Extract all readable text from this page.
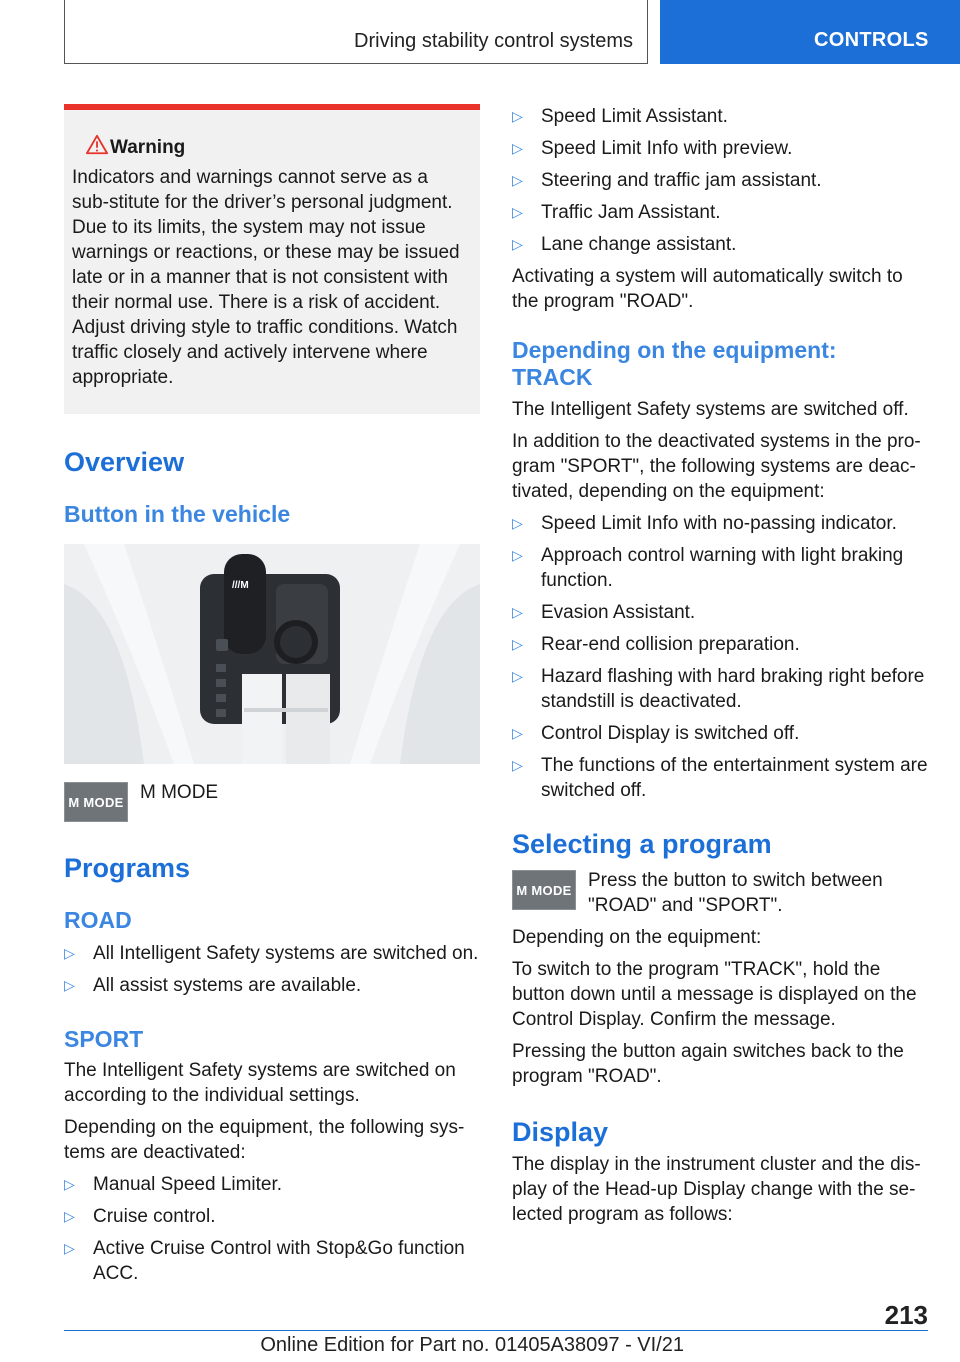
Driving stability control systems	CONTROLS

Warning

Indicators and warnings cannot serve as a sub-stitute for the driver’s personal judgment. Due to its limits, the system may not issue warnings or reactions, or these may be issued late or in a manner that is not consistent with their normal use. There is a risk of accident. Adjust driving style to traffic conditions. Watch traffic closely and actively intervene where appropriate.
Overview
Button in the vehicle
///M
M MODE M MODE
Programs
ROAD
▷ All Intelligent Safety systems are switched on.
▷ All assist systems are available.
SPORT

The Intelligent Safety systems are switched on according to the individual settings.

Depending on the equipment, the following sys-tems are deactivated:

▷ Manual Speed Limiter.
▷ Cruise control.
▷ Active Cruise Control with Stop&Go function ACC.
▷ Speed Limit Assistant.
▷ Speed Limit Info with preview.
▷ Steering and traffic jam assistant.
▷ Traffic Jam Assistant.
▷ Lane change assistant.

Activating a system will automatically switch to the program "ROAD".

Depending on the equipment:
TRACK

The Intelligent Safety systems are switched off.

In addition to the deactivated systems in the pro-gram "SPORT", the following systems are deac-tivated, depending on the equipment:

▷ Speed Limit Info with no-passing indicator.
▷ Approach control warning with light braking function.
▷ Evasion Assistant.
▷ Rear-end collision preparation.
▷ Hazard flashing with hard braking right before standstill is deactivated.
▷ Control Display is switched off.
▷ The functions of the entertainment system are switched off.
Selecting a program
M MODE Press the button to switch between "ROAD" and "SPORT".

Depending on the equipment:

To switch to the program "TRACK", hold the button down until a message is displayed on the Control Display. Confirm the message.

Pressing the button again switches back to the program "ROAD".

Display

The display in the instrument cluster and the dis-play of the Head-up Display change with the se-lected program as follows:

213
Online Edition for Part no. 01405A38097 - VI/21
